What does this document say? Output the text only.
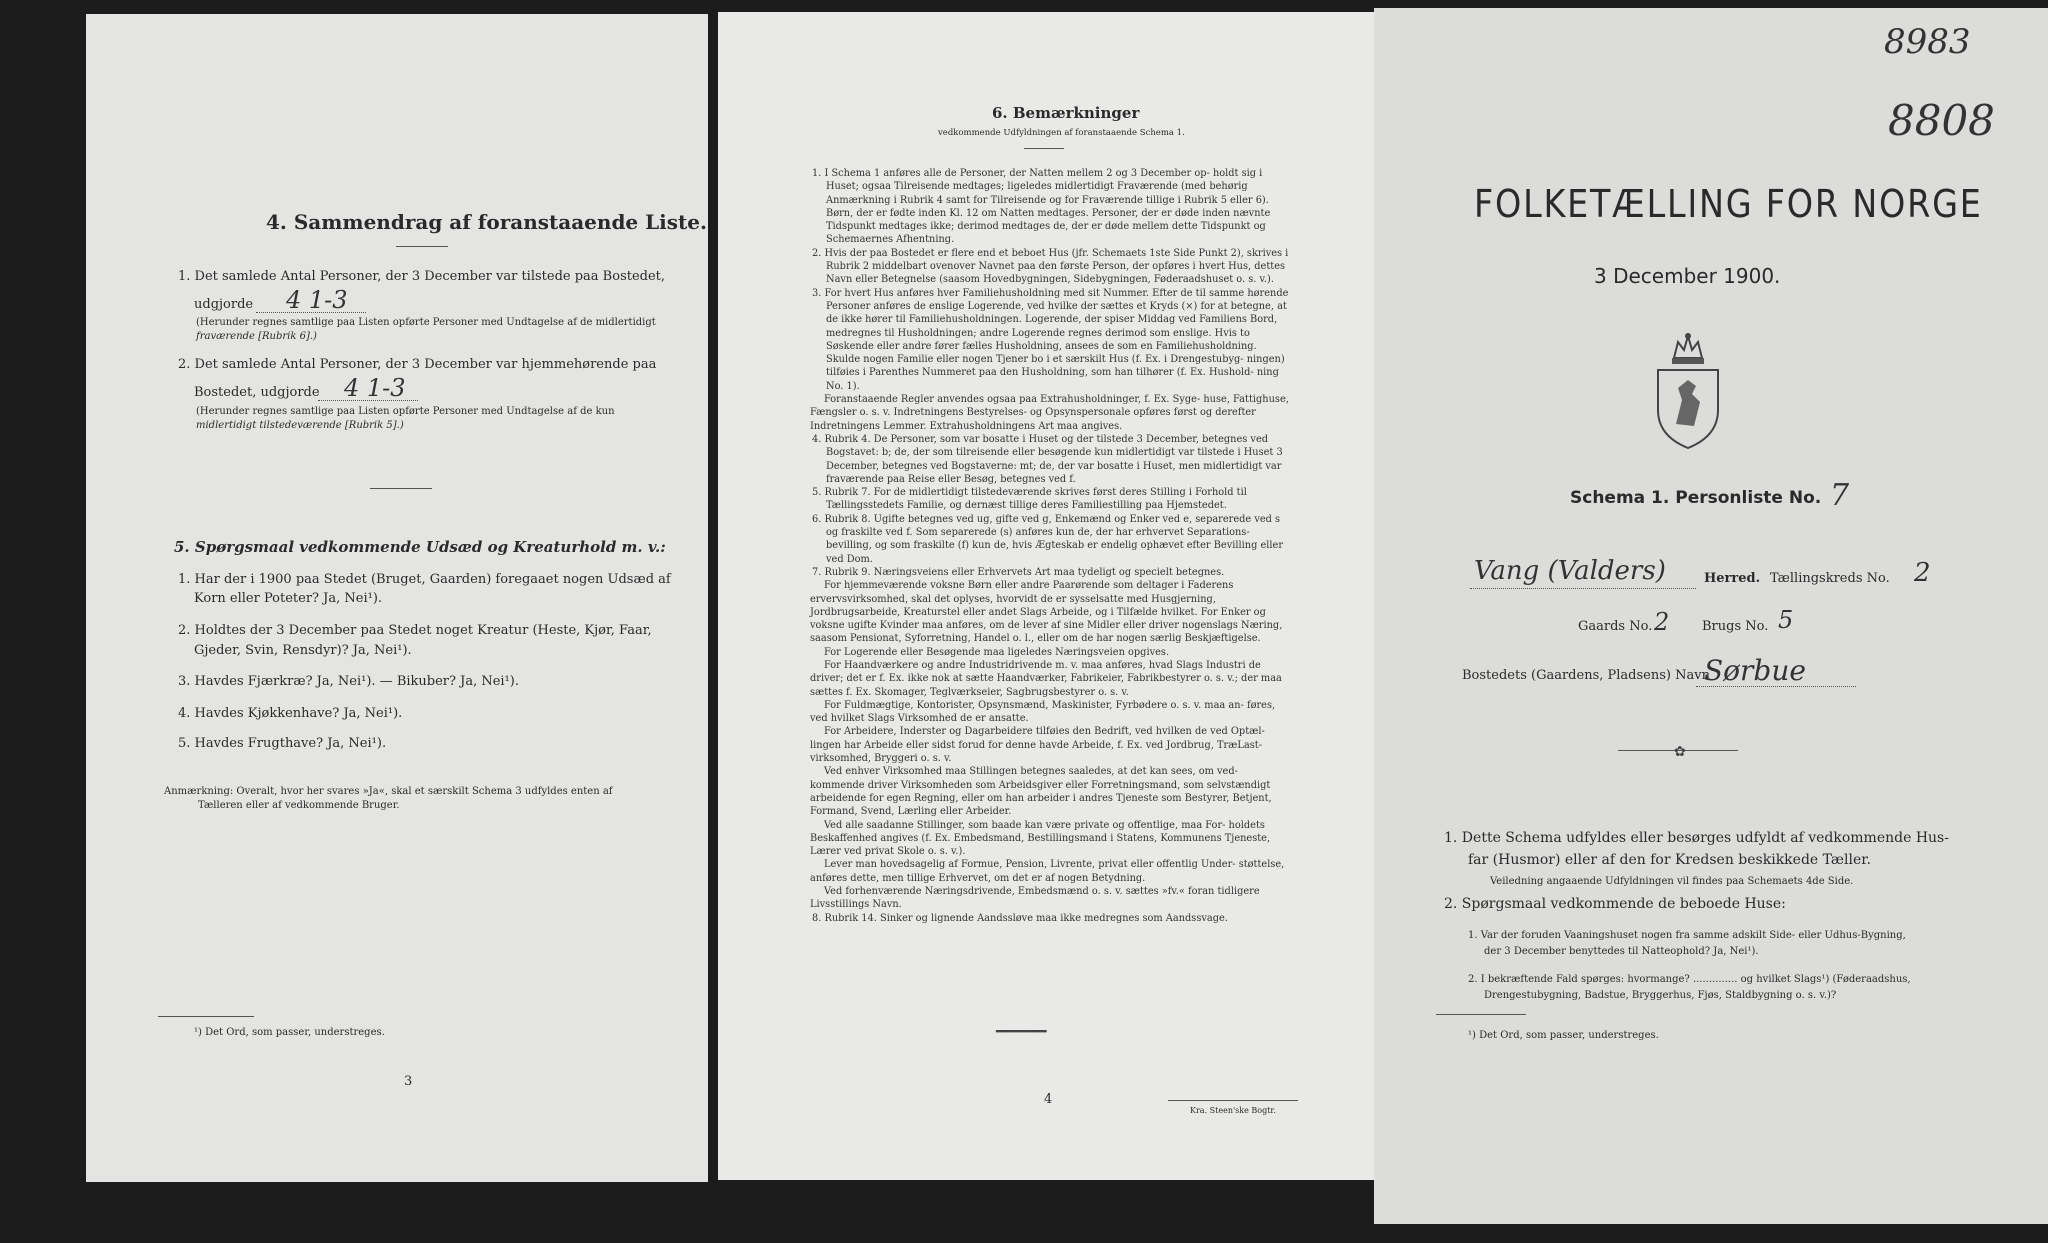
4. Sammendrag af foranstaaende Liste.
1. Det samlede Antal Personer, der 3 December var tilstede paa Bostedet,
udgjorde 4 1-3
(Herunder regnes samtlige paa Listen opførte Personer med Undtagelse af de midlertidigt
fraværende [Rubrik 6].)
2. Det samlede Antal Personer, der 3 December var hjemmehørende paa
Bostedet, udgjorde 4 1-3
(Herunder regnes samtlige paa Listen opførte Personer med Undtagelse af de kun
midlertidigt tilstedeværende [Rubrik 5].)
5. Spørgsmaal vedkommende Udsæd og Kreaturhold m. v.:
1. Har der i 1900 paa Stedet (Bruget, Gaarden) foregaaet nogen Udsæd af
Korn eller Poteter? Ja, Nei¹).
2. Holdtes der 3 December paa Stedet noget Kreatur (Heste, Kjør, Faar,
Gjeder, Svin, Rensdyr)? Ja, Nei¹).
3. Havdes Fjærkræ? Ja, Nei¹). — Bikuber? Ja, Nei¹).
4. Havdes Kjøkkenhave? Ja, Nei¹).
5. Havdes Frugthave? Ja, Nei¹).
Anmærkning: Overalt, hvor her svares »Ja«, skal et særskilt Schema 3 udfyldes enten af
Tælleren eller af vedkommende Bruger.
¹) Det Ord, som passer, understreges.
3
6. Bemærkninger
vedkommende Udfyldningen af foranstaaende Schema 1.

1. I Schema 1 anføres alle de Personer, der Natten mellem 2 og 3 December op- holdt sig i Huset; ogsaa Tilreisende medtages; ligeledes midlertidigt Fraværende (med behørig Anmærkning i Rubrik 4 samt for Tilreisende og for Fraværende tillige i Rubrik 5 eller 6). Børn, der er fødte inden Kl. 12 om Natten medtages. Personer, der er døde inden nævnte Tidspunkt medtages ikke; derimod medtages de, der er døde mellem dette Tidspunkt og Schemaernes Afhentning.

2. Hvis der paa Bostedet er flere end et beboet Hus (jfr. Schemaets 1ste Side Punkt 2), skrives i Rubrik 2 middelbart ovenover Navnet paa den første Person, der opføres i hvert Hus, dettes Navn eller Betegnelse (saasom Hovedbygningen, Sidebygningen, Føderaadshuset o. s. v.).

3. For hvert Hus anføres hver Familiehusholdning med sit Nummer. Efter de til samme hørende Personer anføres de enslige Logerende, ved hvilke der sættes et Kryds (×) for at betegne, at de ikke hører til Familiehusholdningen. Logerende, der spiser Middag ved Familiens Bord, medregnes til Husholdningen; andre Logerende regnes derimod som enslige. Hvis to Søskende eller andre fører fælles Husholdning, ansees de som en Familiehusholdning. Skulde nogen Familie eller nogen Tjener bo i et særskilt Hus (f. Ex. i Drengestubyg- ningen) tilføies i Parenthes Nummeret paa den Husholdning, som han tilhører (f. Ex. Hushold- ning No. 1).

Foranstaaende Regler anvendes ogsaa paa Extrahusholdninger, f. Ex. Syge- huse, Fattighuse, Fængsler o. s. v. Indretningens Bestyrelses- og Opsynspersonale opføres først og derefter Indretningens Lemmer. Extrahusholdningens Art maa angives.

4. Rubrik 4. De Personer, som var bosatte i Huset og der tilstede 3 December, betegnes ved Bogstavet: b; de, der som tilreisende eller besøgende kun midlertidigt var tilstede i Huset 3 December, betegnes ved Bogstaverne: mt; de, der var bosatte i Huset, men midlertidigt var fraværende paa Reise eller Besøg, betegnes ved f.

5. Rubrik 7. For de midlertidigt tilstedeværende skrives først deres Stilling i Forhold til Tællingsstedets Familie, og dernæst tillige deres Familiestilling paa Hjemstedet.

6. Rubrik 8. Ugifte betegnes ved ug, gifte ved g, Enkemænd og Enker ved e, separerede ved s og fraskilte ved f. Som separerede (s) anføres kun de, der har erhvervet Separations- bevilling, og som fraskilte (f) kun de, hvis Ægteskab er endelig ophævet efter Bevilling eller ved Dom.

7. Rubrik 9. Næringsveiens eller Erhvervets Art maa tydeligt og specielt betegnes.

For hjemmeværende voksne Børn eller andre Paarørende som deltager i Faderens ervervsvirksomhed, skal det oplyses, hvorvidt de er sysselsatte med Husgjerning, Jordbrugsarbeide, Kreaturstel eller andet Slags Arbeide, og i Tilfælde hvilket. For Enker og voksne ugifte Kvinder maa anføres, om de lever af sine Midler eller driver nogenslags Næring, saasom Pensionat, Syforretning, Handel o. l., eller om de har nogen særlig Beskjæftigelse.

For Logerende eller Besøgende maa ligeledes Næringsveien opgives.

For Haandværkere og andre Industridrivende m. v. maa anføres, hvad Slags Industri de driver; det er f. Ex. ikke nok at sætte Haandværker, Fabrikeier, Fabrikbestyrer o. s. v.; der maa sættes f. Ex. Skomager, Teglværkseier, Sagbrugsbestyrer o. s. v.

For Fuldmægtige, Kontorister, Opsynsmænd, Maskinister, Fyrbødere o. s. v. maa an- føres, ved hvilket Slags Virksomhed de er ansatte.

For Arbeidere, Inderster og Dagarbeidere tilføies den Bedrift, ved hvilken de ved Optæl- lingen har Arbeide eller sidst forud for denne havde Arbeide, f. Ex. ved Jordbrug, TræLast- virksomhed, Bryggeri o. s. v.

Ved enhver Virksomhed maa Stillingen betegnes saaledes, at det kan sees, om ved- kommende driver Virksomheden som Arbeidsgiver eller Forretningsmand, som selvstændigt arbeidende for egen Regning, eller om han arbeider i andres Tjeneste som Bestyrer, Betjent, Formand, Svend, Lærling eller Arbeider.

Ved alle saadanne Stillinger, som baade kan være private og offentlige, maa For- holdets Beskaffenhed angives (f. Ex. Embedsmand, Bestillingsmand i Statens, Kommunens Tjeneste, Lærer ved privat Skole o. s. v.).

Lever man hovedsagelig af Formue, Pension, Livrente, privat eller offentlig Under- støttelse, anføres dette, men tillige Erhvervet, om det er af nogen Betydning.

Ved forhenværende Næringsdrivende, Embedsmænd o. s. v. sættes »fv.« foran tidligere Livsstillings Navn.

8. Rubrik 14. Sinker og lignende Aandssløve maa ikke medregnes som Aandssvage.

━━━━━━
4
Kra. Steen'ske Bogtr.
8983
8808
FOLKETÆLLING FOR NORGE
3 December 1900.
Schema 1. Personliste No. 7
Vang (Valders)	Herred. Tællingskreds No. 2
Gaards No. 2	Brugs No. 5
Bostedets (Gaardens, Pladsens) Navn
Sørbue
✿
1. Dette Schema udfyldes eller besørges udfyldt af vedkommende Hus-
far (Husmor) eller af den for Kredsen beskikkede Tæller.
Veiledning angaaende Udfyldningen vil findes paa Schemaets 4de Side.
2. Spørgsmaal vedkommende de beboede Huse:
1. Var der foruden Vaaningshuset nogen fra samme adskilt Side- eller Udhus-Bygning,
der 3 December benyttedes til Natteophold? Ja, Nei¹).
2. I bekræftende Fald spørges: hvormange? .............. og hvilket Slags¹) (Føderaadshus,
Drengestubygning, Badstue, Bryggerhus, Fjøs, Staldbygning o. s. v.)?
¹) Det Ord, som passer, understreges.
